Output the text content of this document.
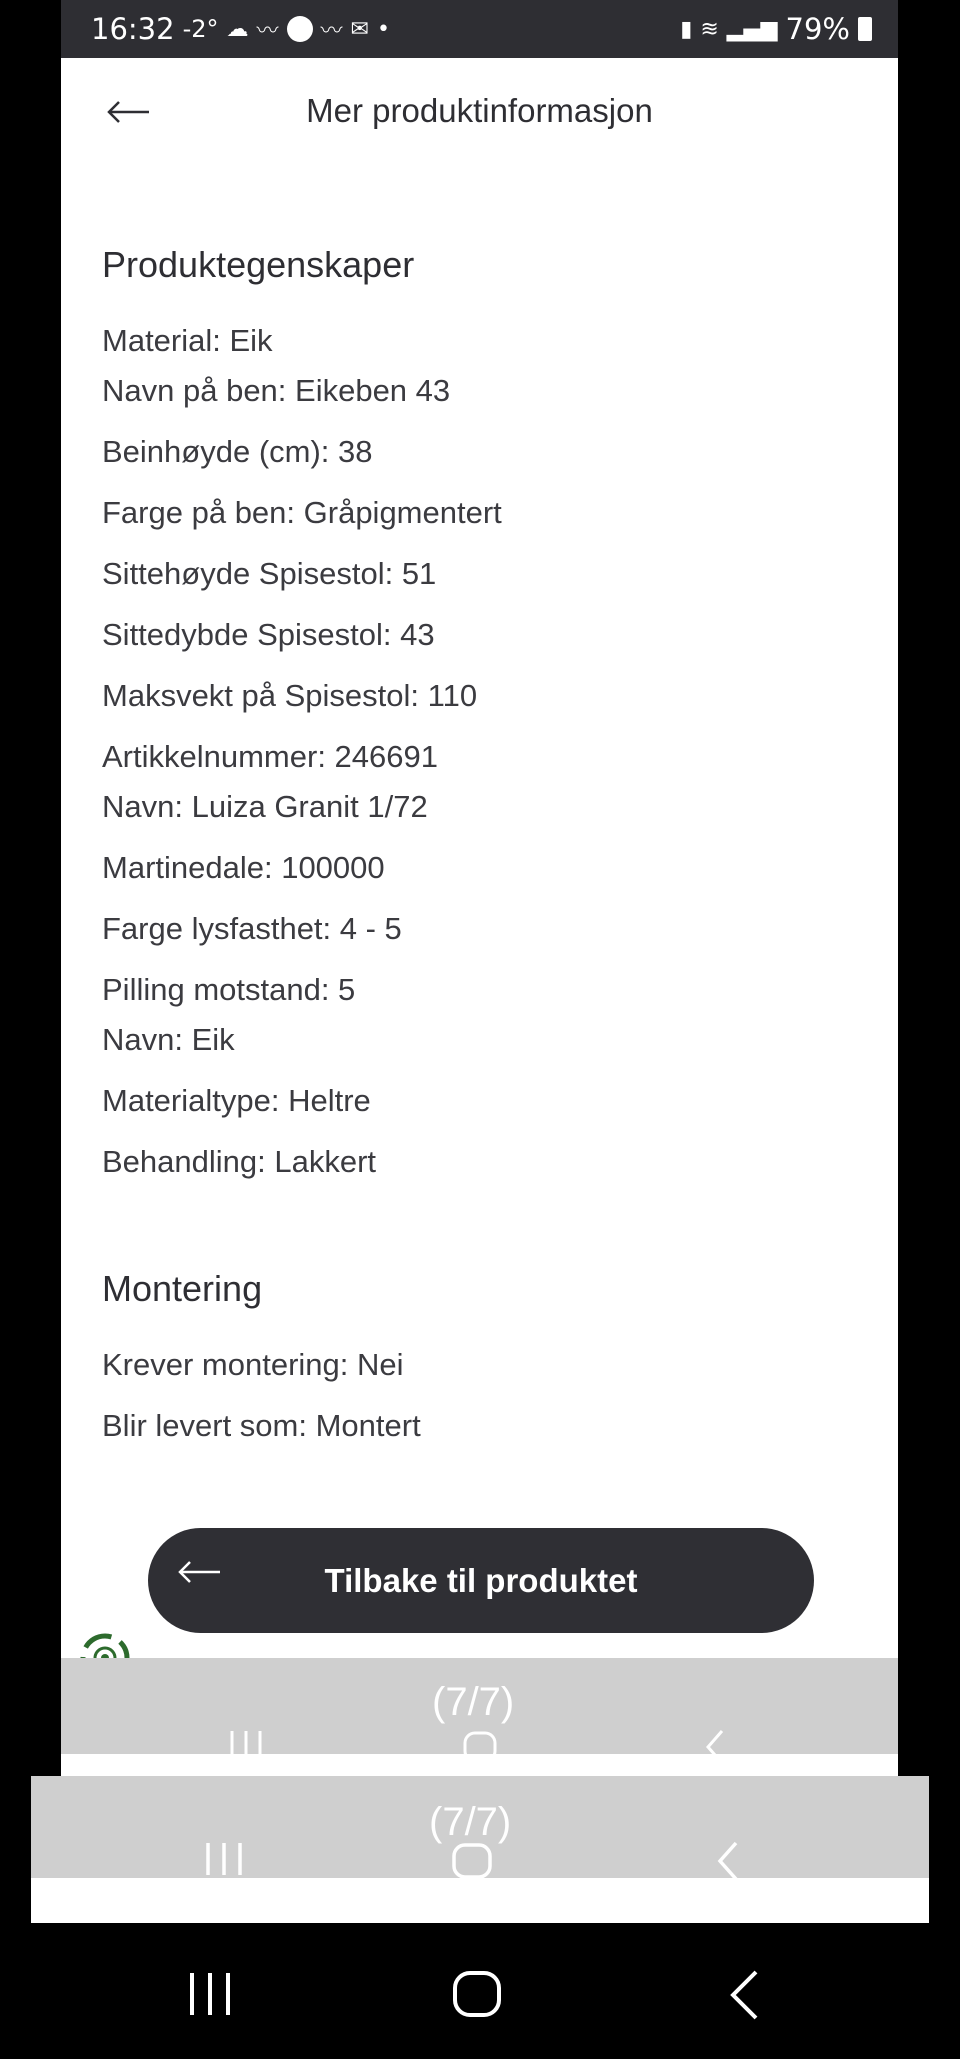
16:32 -2° ☁ 〰 〰 ✉ •	▮ ≋ ▂▄▆ 79%
Mer produktinformasjon
Produktegenskaper
Material: Eik
Navn på ben: Eikeben 43
Beinhøyde (cm): 38
Farge på ben: Gråpigmentert
Sittehøyde Spisestol: 51
Sittedybde Spisestol: 43
Maksvekt på Spisestol: 110
Artikkelnummer: 246691
Navn: Luiza Granit 1/72
Martinedale: 100000
Farge lysfasthet: 4 - 5
Pilling motstand: 5
Navn: Eik
Materialtype: Heltre
Behandling: Lakkert
Montering
Krever montering: Nei
Blir levert som: Montert
Tilbake til produktet
(7/7)
(7/7)
